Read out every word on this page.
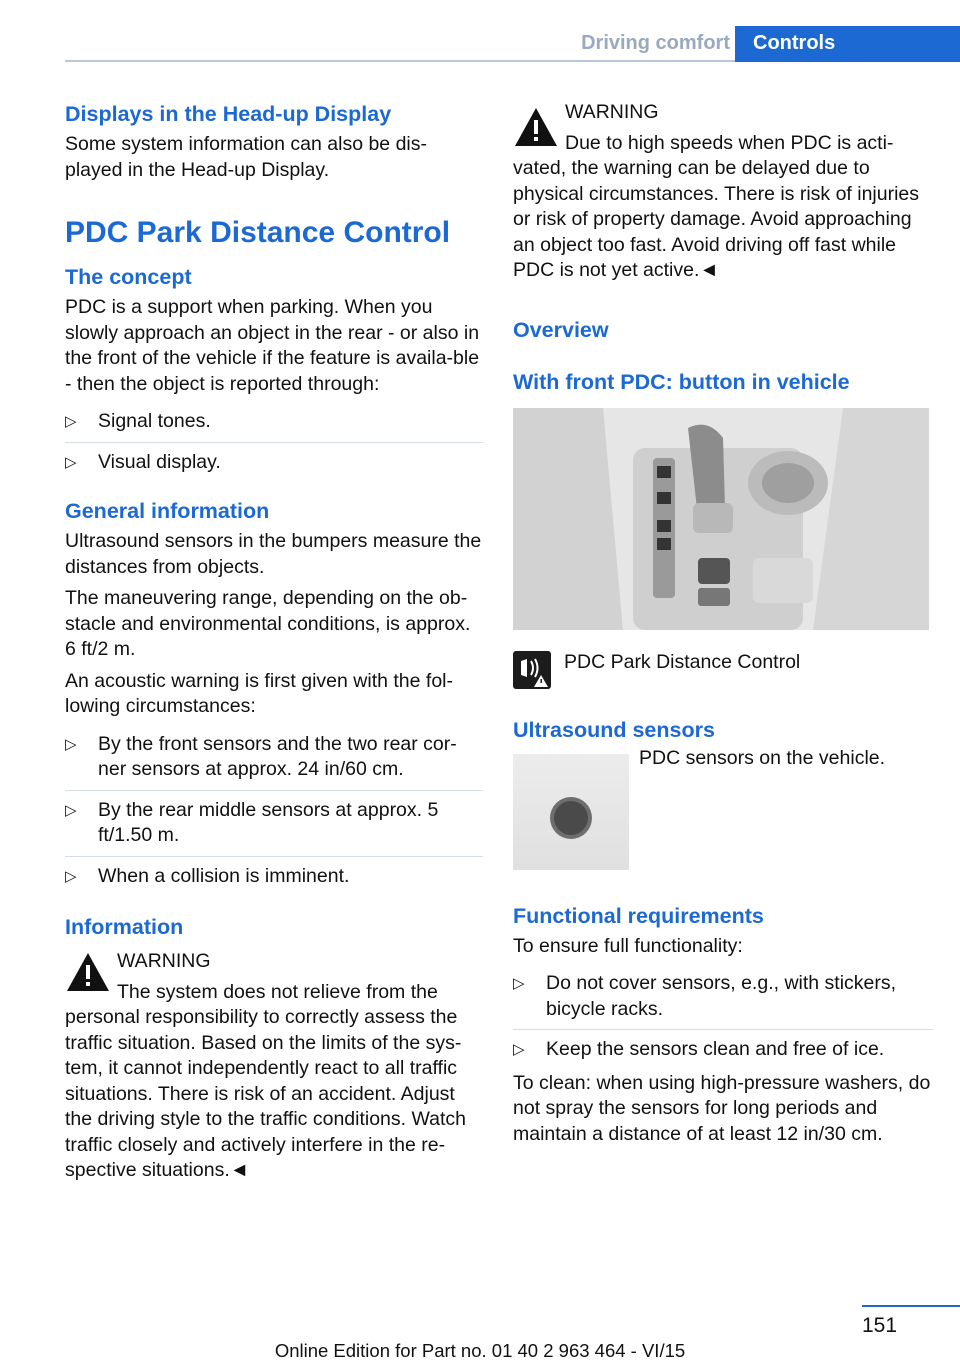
Driving comfort	Controls
Displays in the Head-up Display

Some system information can also be dis-played in the Head-up Display.

PDC Park Distance Control
The concept

PDC is a support when parking. When you slowly approach an object in the rear - or also in the front of the vehicle if the feature is availa-ble - then the object is reported through:

▷ Signal tones.
▷ Visual display.
General information

Ultrasound sensors in the bumpers measure the distances from objects.

The maneuvering range, depending on the ob-stacle and environmental conditions, is approx. 6 ft/2 m.

An acoustic warning is first given with the fol-lowing circumstances:

▷ By the front sensors and the two rear cor-ner sensors at approx. 24 in/60 cm.
▷ By the rear middle sensors at approx. 5 ft/1.50 m.
▷ When a collision is imminent.
Information

WARNING

The system does not relieve from the personal responsibility to correctly assess the traffic situation. Based on the limits of the sys-tem, it cannot independently react to all traffic situations. There is risk of an accident. Adjust the driving style to the traffic conditions. Watch traffic closely and actively interfere in the re-spective situations.◄

WARNING

Due to high speeds when PDC is acti-vated, the warning can be delayed due to physical circumstances. There is risk of injuries or risk of property damage. Avoid approaching an object too fast. Avoid driving off fast while PDC is not yet active.◄

Overview
With front PDC: button in vehicle

PDC Park Distance Control

Ultrasound sensors

PDC sensors on the vehicle.

Functional requirements

To ensure full functionality:

▷ Do not cover sensors, e.g., with stickers, bicycle racks.
▷ Keep the sensors clean and free of ice.

To clean: when using high-pressure washers, do not spray the sensors for long periods and maintain a distance of at least 12 in/30 cm.

151
Online Edition for Part no. 01 40 2 963 464 - VI/15
